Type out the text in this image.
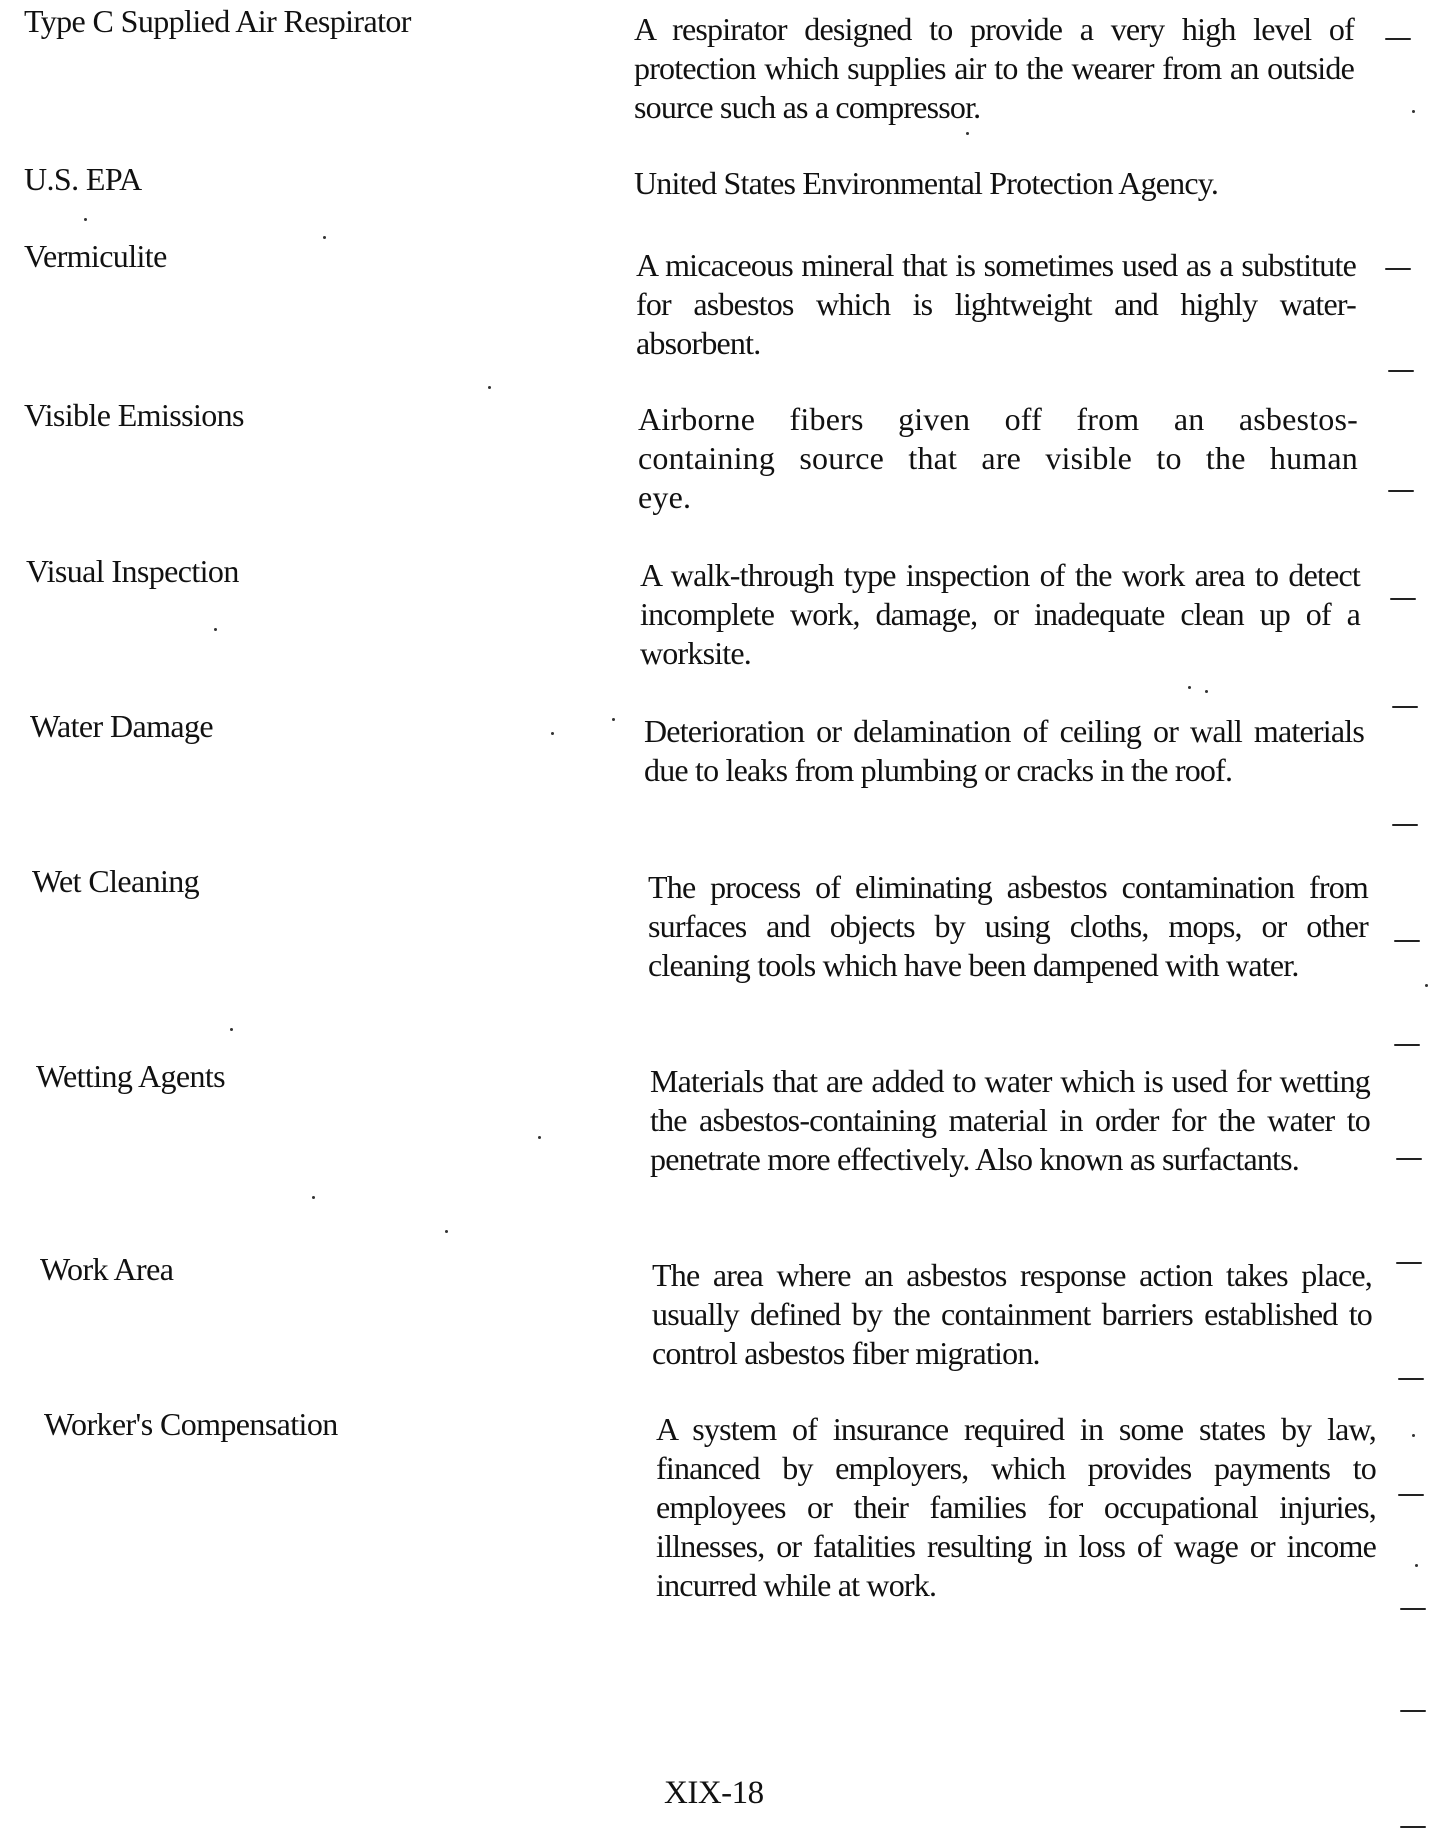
Type C Supplied Air Respirator	A respirator designed to provide a very high level of protection which supplies air to the wearer from an outside source such as a compressor.
U.S. EPA	United States Environmental Protection Agency.
Vermiculite	A micaceous mineral that is sometimes used as a substitute for asbestos which is lightweight and highly water-absorbent.
Visible Emissions	Airborne fibers given off from an asbestos-containing source that are visible to the human eye.
Visual Inspection	A walk-through type inspection of the work area to detect incomplete work, damage, or inadequate clean up of a worksite.
Water Damage	Deterioration or delamination of ceiling or wall materials due to leaks from plumbing or cracks in the roof.
Wet Cleaning	The process of eliminating asbestos contamination from surfaces and objects by using cloths, mops, or other cleaning tools which have been dampened with water.
Wetting Agents	Materials that are added to water which is used for wetting the asbestos-containing material in order for the water to penetrate more effectively. Also known as surfactants.
Work Area	The area where an asbestos response action takes place, usually defined by the containment barriers established to control asbestos fiber migration.
Worker's Compensation	A system of insurance required in some states by law, financed by employers, which provides payments to employees or their families for occupational injuries, illnesses, or fatalities resulting in loss of wage or income incurred while at work.
XIX-18
